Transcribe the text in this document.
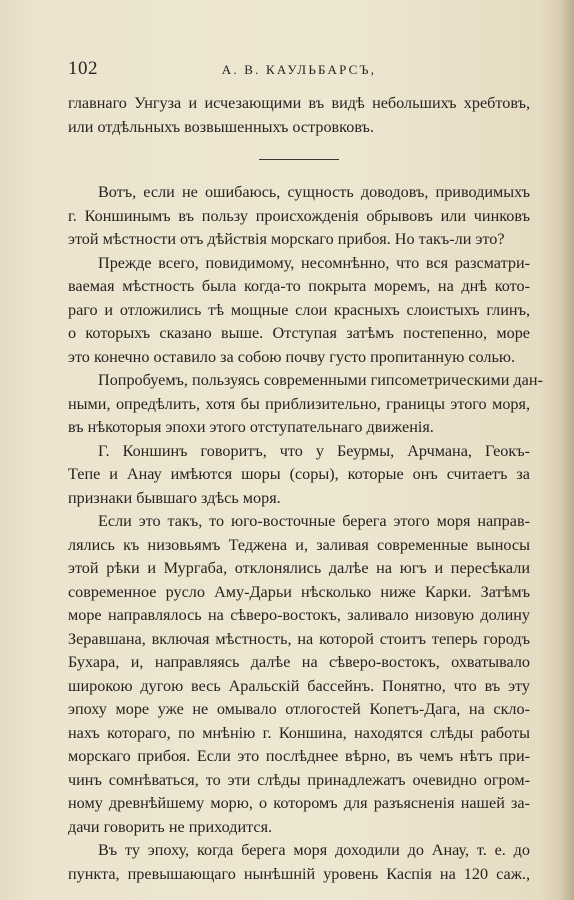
102	А. В. КАУЛЬБАРСЪ,
главнаго Унгуза и исчезающими въ видѣ небольшихъ хребтовъ,
или отдѣльныхъ возвышенныхъ островковъ.
Вотъ, если не ошибаюсь, сущность доводовъ, приводимыхъ
г. Коншинымъ въ пользу происхожденія обрывовъ или чинковъ
этой мѣстности отъ дѣйствія морскаго прибоя. Но такъ-ли это?
Прежде всего, повидимому, несомнѣнно, что вся разсматри-
ваемая мѣстность была когда-то покрыта моремъ, на днѣ кото-
раго и отложились тѣ мощные слои красныхъ слоистыхъ глинъ,
о которыхъ сказано выше. Отступая затѣмъ постепенно, море
это конечно оставило за собою почву густо пропитанную солью.
Попробуемъ, пользуясь современными гипсометрическими дан-
ными, опредѣлить, хотя бы приблизительно, границы этого моря,
въ нѣкоторыя эпохи этого отступательнаго движенія.
Г. Коншинъ говоритъ, что у Беурмы, Арчмана, Геокъ-
Тепе и Анау имѣются шоры (соры), которые онъ считаетъ за
признаки бывшаго здѣсь моря.
Если это такъ, то юго-восточные берега этого моря направ-
лялись къ низовьямъ Теджена и, заливая современные выносы
этой рѣки и Мургаба, отклонялись далѣе на югъ и пересѣкали
современное русло Аму-Дарьи нѣсколько ниже Карки. Затѣмъ
море направлялось на сѣверо-востокъ, заливало низовую долину
Зеравшана, включая мѣстность, на которой стоитъ теперь городъ
Бухара, и, направляясь далѣе на сѣверо-востокъ, охватывало
широкою дугою весь Аральскій бассейнъ. Понятно, что въ эту
эпоху море уже не омывало отлогостей Копетъ-Дага, на скло-
нахъ котораго, по мнѣнію г. Коншина, находятся слѣды работы
морскаго прибоя. Если это послѣднее вѣрно, въ чемъ нѣтъ при-
чинъ сомнѣваться, то эти слѣды принадлежатъ очевидно огром-
ному древнѣйшему морю, о которомъ для разъясненія нашей за-
дачи говорить не приходится.
Въ ту эпоху, когда берега моря доходили до Анау, т. е. до
пункта, превышающаго нынѣшній уровень Каспія на 120 саж.,
